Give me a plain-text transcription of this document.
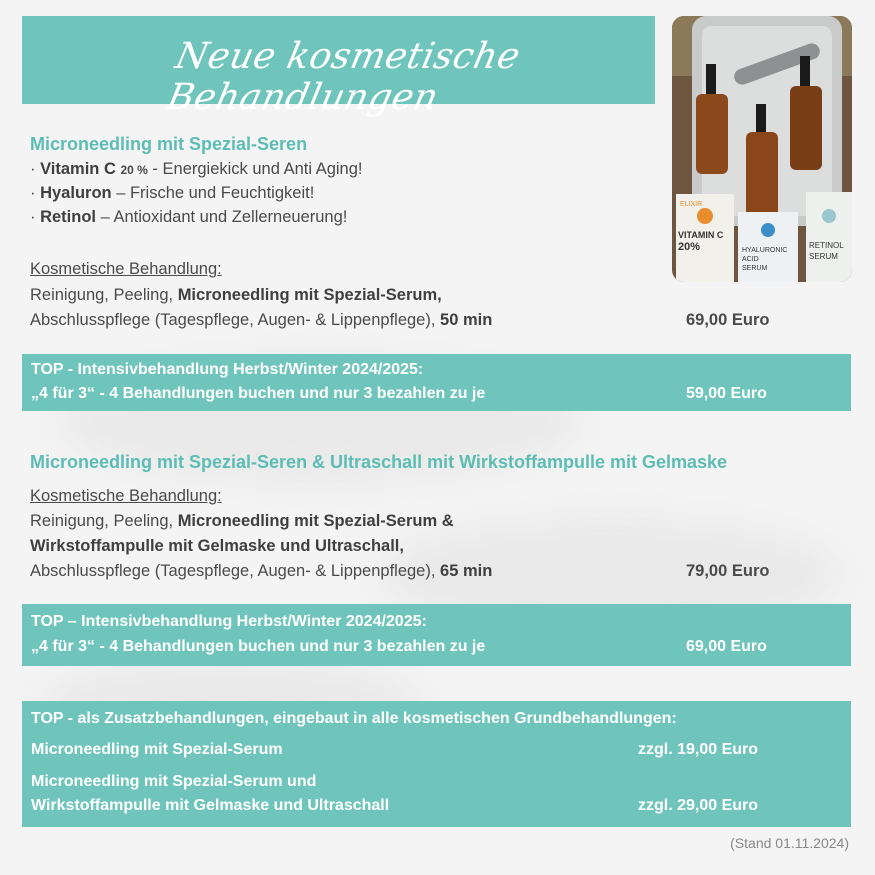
Neue kosmetische Behandlungen
ELIXIR
VITAMIN C
20%	HYALURONIC
ACID
SERUM
RETINOL
SERUM
Microneedling mit Spezial-Seren
· Vitamin C 20 % - Energiekick und Anti Aging!
· Hyaluron – Frische und Feuchtigkeit!
· Retinol – Antioxidant und Zellerneuerung!
Kosmetische Behandlung:
Reinigung, Peeling, Microneedling mit Spezial-Serum,
Abschlusspflege (Tagespflege, Augen- & Lippenpflege), 50 min	69,00 Euro
TOP - Intensivbehandlung Herbst/Winter 2024/2025:
„4 für 3“ - 4 Behandlungen buchen und nur 3 bezahlen zu je	59,00 Euro
Microneedling mit Spezial-Seren & Ultraschall mit Wirkstoffampulle mit Gelmaske
Kosmetische Behandlung:
Reinigung, Peeling, Microneedling mit Spezial-Serum &
Wirkstoffampulle mit Gelmaske und Ultraschall,
Abschlusspflege (Tagespflege, Augen- & Lippenpflege), 65 min	79,00 Euro
TOP – Intensivbehandlung Herbst/Winter 2024/2025:
„4 für 3“ - 4 Behandlungen buchen und nur 3 bezahlen zu je	69,00 Euro
TOP - als Zusatzbehandlungen, eingebaut in alle kosmetischen Grundbehandlungen:
Microneedling mit Spezial-Serum	zzgl. 19,00 Euro
Microneedling mit Spezial-Serum und
Wirkstoffampulle mit Gelmaske und Ultraschall	zzgl. 29,00 Euro
(Stand 01.11.2024)
